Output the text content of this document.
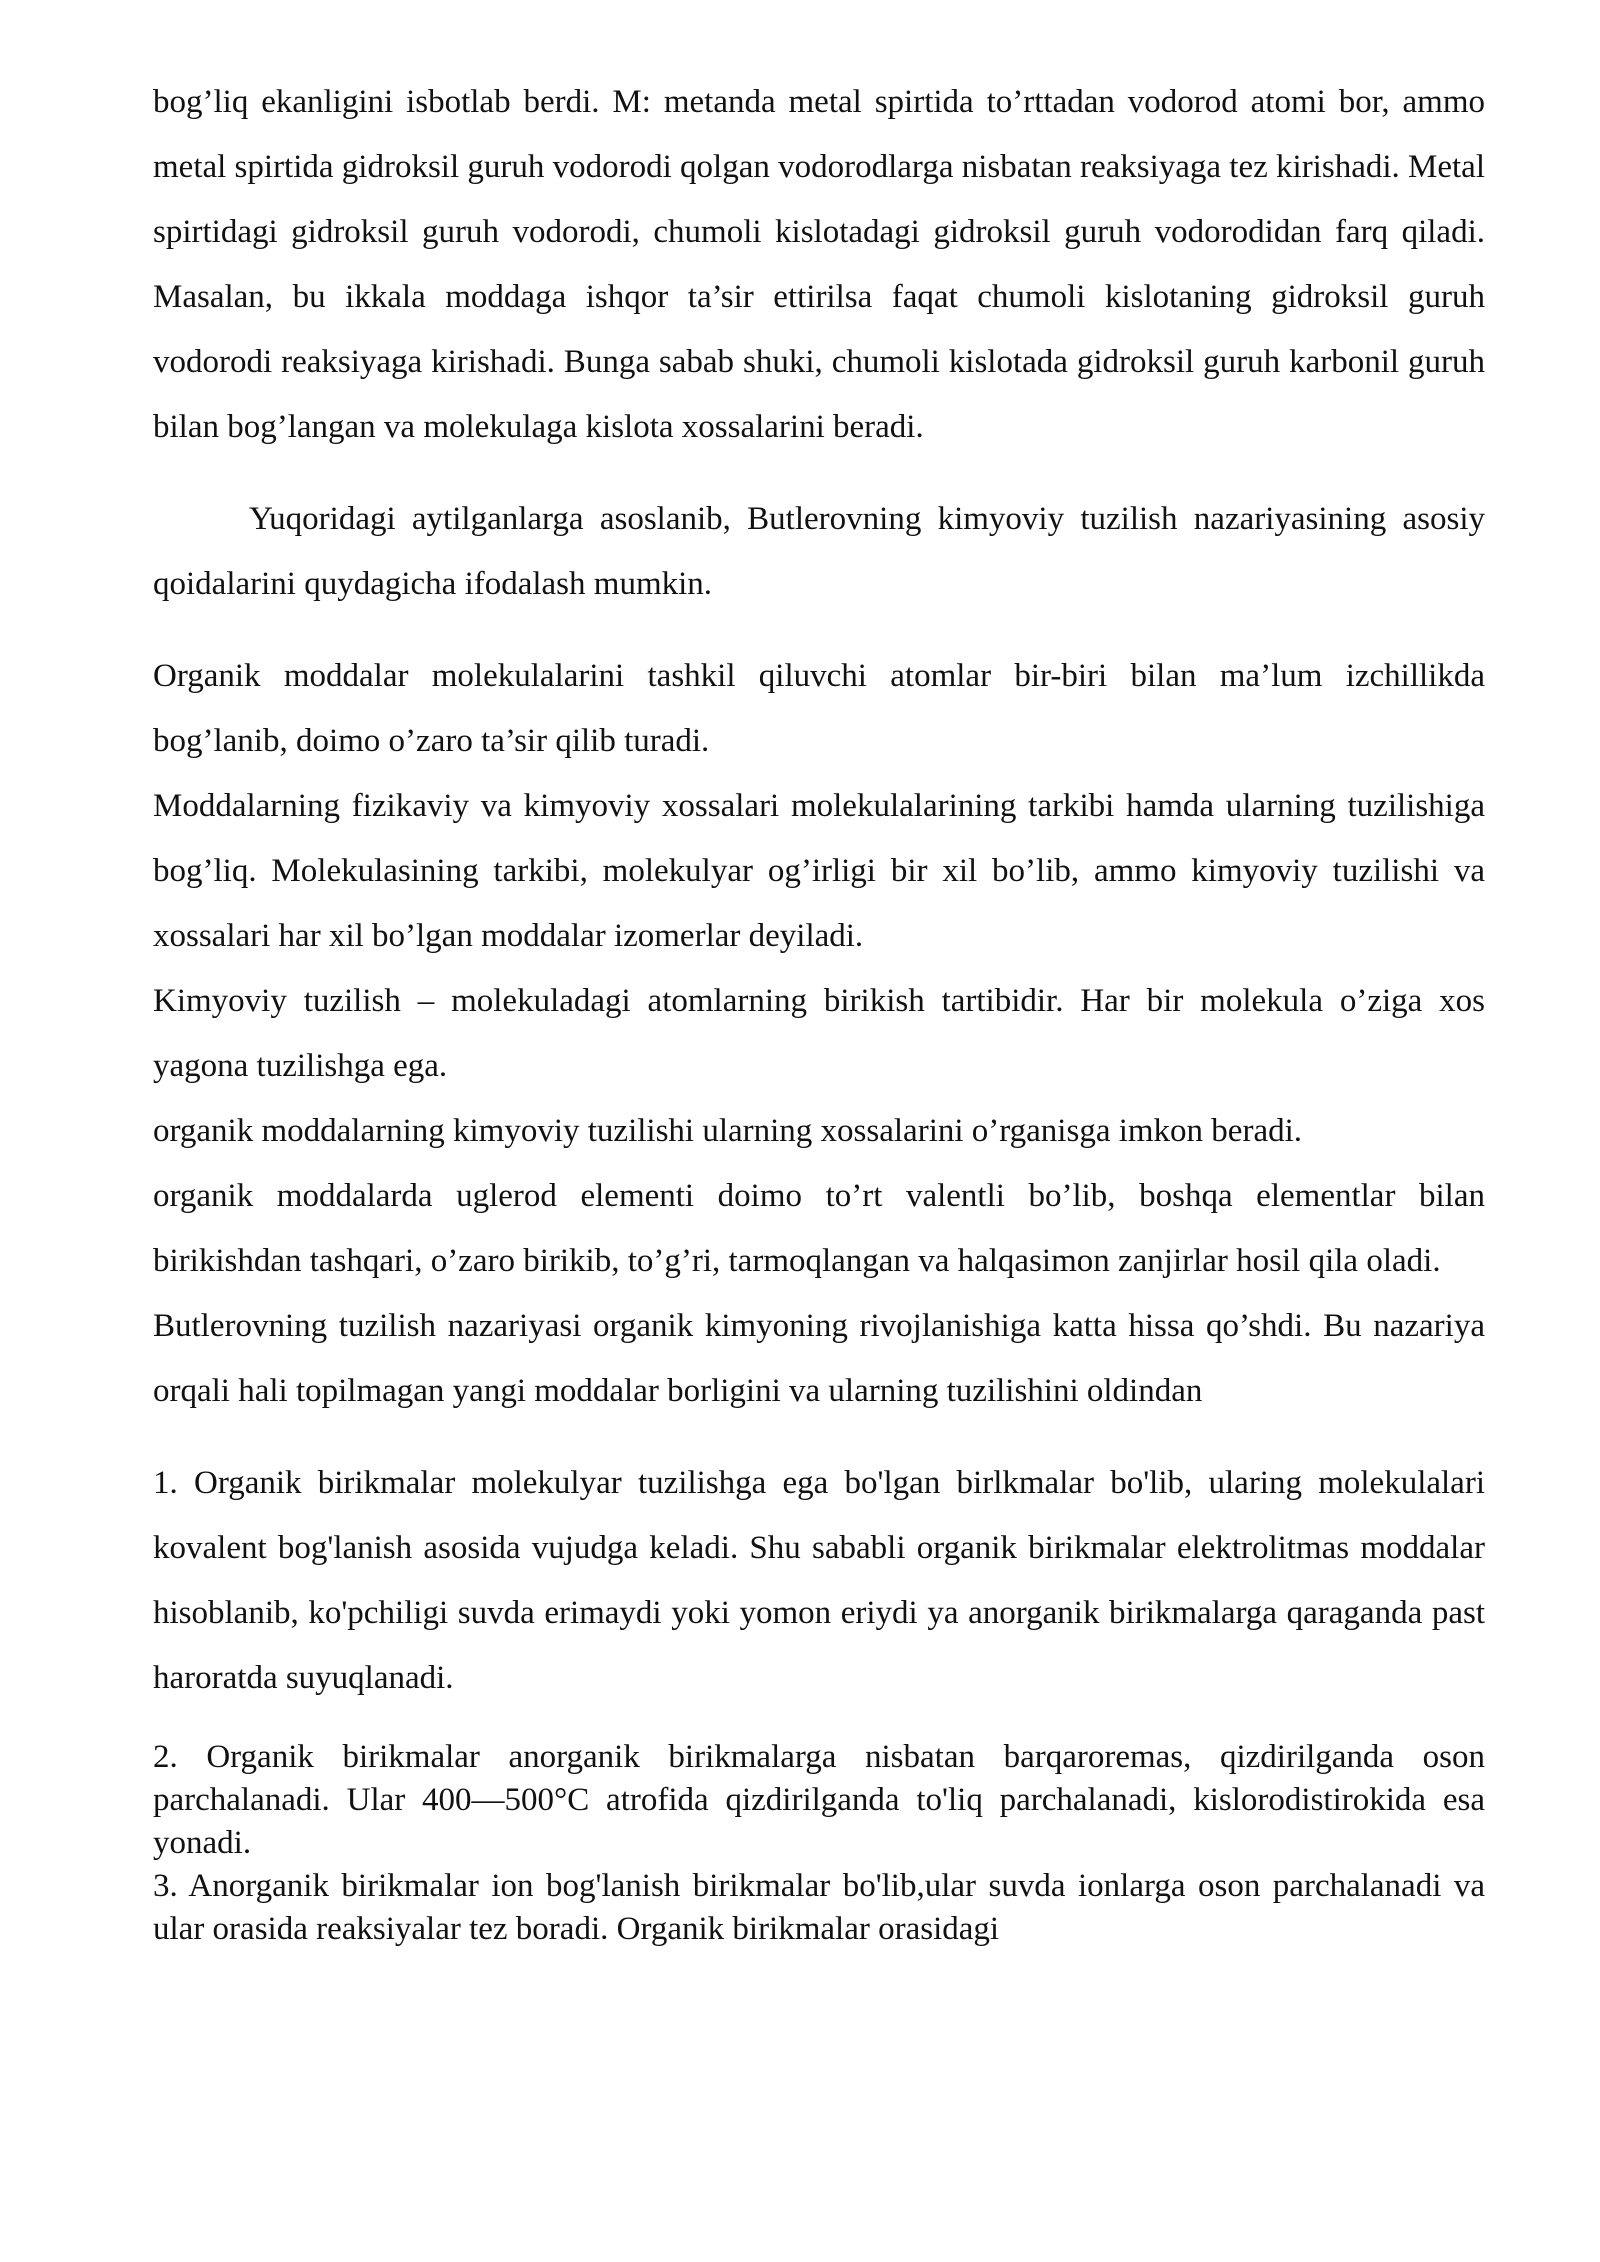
bog’liq ekanligini isbotlab berdi. M: metanda metal spirtida to’rttadan vodorod atomi bor, ammo metal spirtida gidroksil guruh vodorodi qolgan vodorodlarga nisbatan reaksiyaga tez kirishadi. Metal spirtidagi gidroksil guruh vodorodi, chumoli kislotadagi gidroksil guruh vodorodidan farq qiladi. Masalan, bu ikkala moddaga ishqor ta’sir ettirilsa faqat chumoli kislotaning gidroksil guruh vodorodi reaksiyaga kirishadi. Bunga sabab shuki, chumoli kislotada gidroksil guruh karbonil guruh bilan bog’langan va molekulaga kislota xossalarini beradi.

Yuqoridagi aytilganlarga asoslanib, Butlerovning kimyoviy tuzilish nazariyasining asosiy qoidalarini quydagicha ifodalash mumkin.

Organik moddalar molekulalarini tashkil qiluvchi atomlar bir-biri bilan ma’lum izchillikda bog’lanib, doimo o’zaro ta’sir qilib turadi.

Moddalarning fizikaviy va kimyoviy xossalari molekulalarining tarkibi hamda ularning tuzilishiga bog’liq. Molekulasining tarkibi, molekulyar og’irligi bir xil bo’lib, ammo kimyoviy tuzilishi va xossalari har xil bo’lgan moddalar izomerlar deyiladi.

Kimyoviy tuzilish – molekuladagi atomlarning birikish tartibidir. Har bir molekula o’ziga xos yagona tuzilishga ega.

organik moddalarning kimyoviy tuzilishi ularning xossalarini o’rganisga imkon beradi.

organik moddalarda uglerod elementi doimo to’rt valentli bo’lib, boshqa elementlar bilan birikishdan tashqari, o’zaro birikib, to’g’ri, tarmoqlangan va halqasimon zanjirlar hosil qila oladi.

Butlerovning tuzilish nazariyasi organik kimyoning rivojlanishiga katta hissa qo’shdi. Bu nazariya orqali hali topilmagan yangi moddalar borligini va ularning tuzilishini oldindan

1. Organik birikmalar molekulyar tuzilishga ega bo'lgan birlkmalar bo'lib, ularing molekulalari kovalent bog'lanish asosida vujudga keladi. Shu sababli organik birikmalar elektrolitmas moddalar hisoblanib, ko'pchiligi suvda erimaydi yoki yomon eriydi ya anorganik birikmalarga qaraganda past haroratda suyuqlanadi.

2. Organik birikmalar anorganik birikmalarga nisbatan barqaroremas, qizdirilganda oson parchalanadi. Ular 400—500°C atrofida qizdirilganda to'liq parchalanadi, kislorodistirokida esa yonadi.

3. Anorganik birikmalar ion bog'lanish birikmalar bo'lib,ular suvda ionlarga oson parchalanadi va ular orasida reaksiyalar tez boradi. Organik birikmalar orasidagi
